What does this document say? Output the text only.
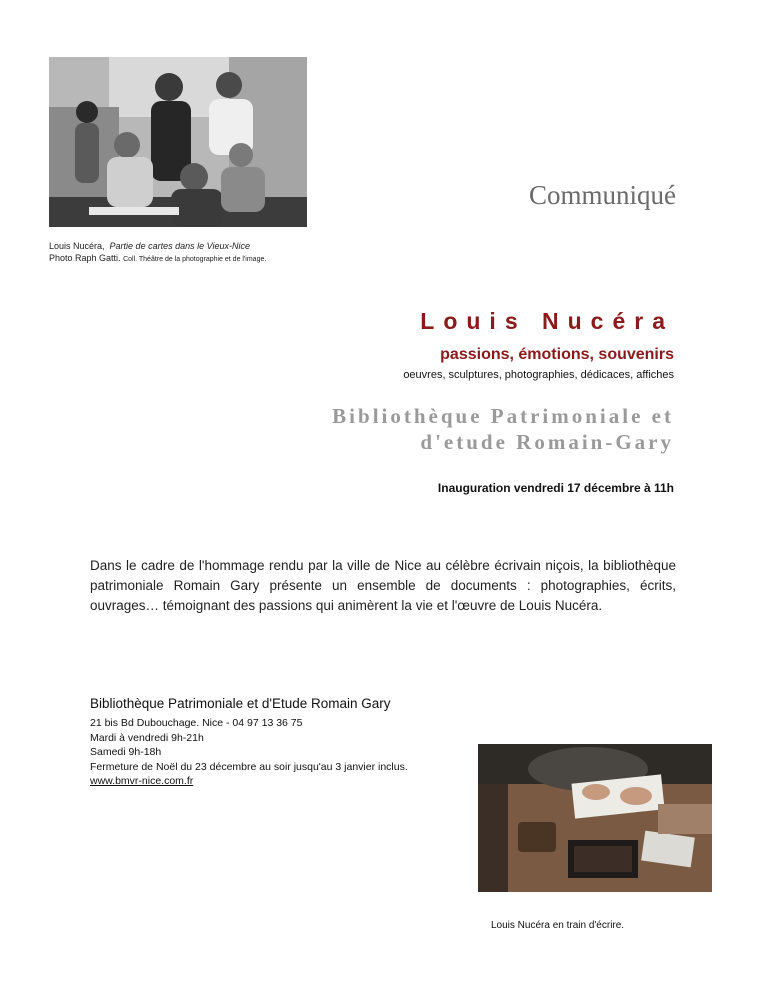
Louis Nucéra, Partie de cartes dans le Vieux-Nice
Photo Raph Gatti. Coll. Théâtre de la photographie et de l'image.
Communiqué
Louis Nucéra
passions, émotions, souvenirs
oeuvres, sculptures, photographies, dédicaces, affiches
Bibliothèque Patrimoniale et
d'etude Romain-Gary
Inauguration vendredi 17 décembre à 11h
Dans le cadre de l'hommage rendu par la ville de Nice au célèbre écrivain niçois, la bibliothèque patrimoniale Romain Gary présente un ensemble de documents : photographies, écrits, ouvrages… témoignant des passions qui animèrent la vie et l'œuvre de Louis Nucéra.
Bibliothèque Patrimoniale et d'Etude Romain Gary
21 bis Bd Dubouchage. Nice - 04 97 13 36 75
Mardi à vendredi 9h-21h
Samedi 9h-18h
Fermeture de Noël du 23 décembre au soir jusqu'au 3 janvier inclus.
www.bmvr-nice.com.fr
Louis Nucéra en train d'écrire.
